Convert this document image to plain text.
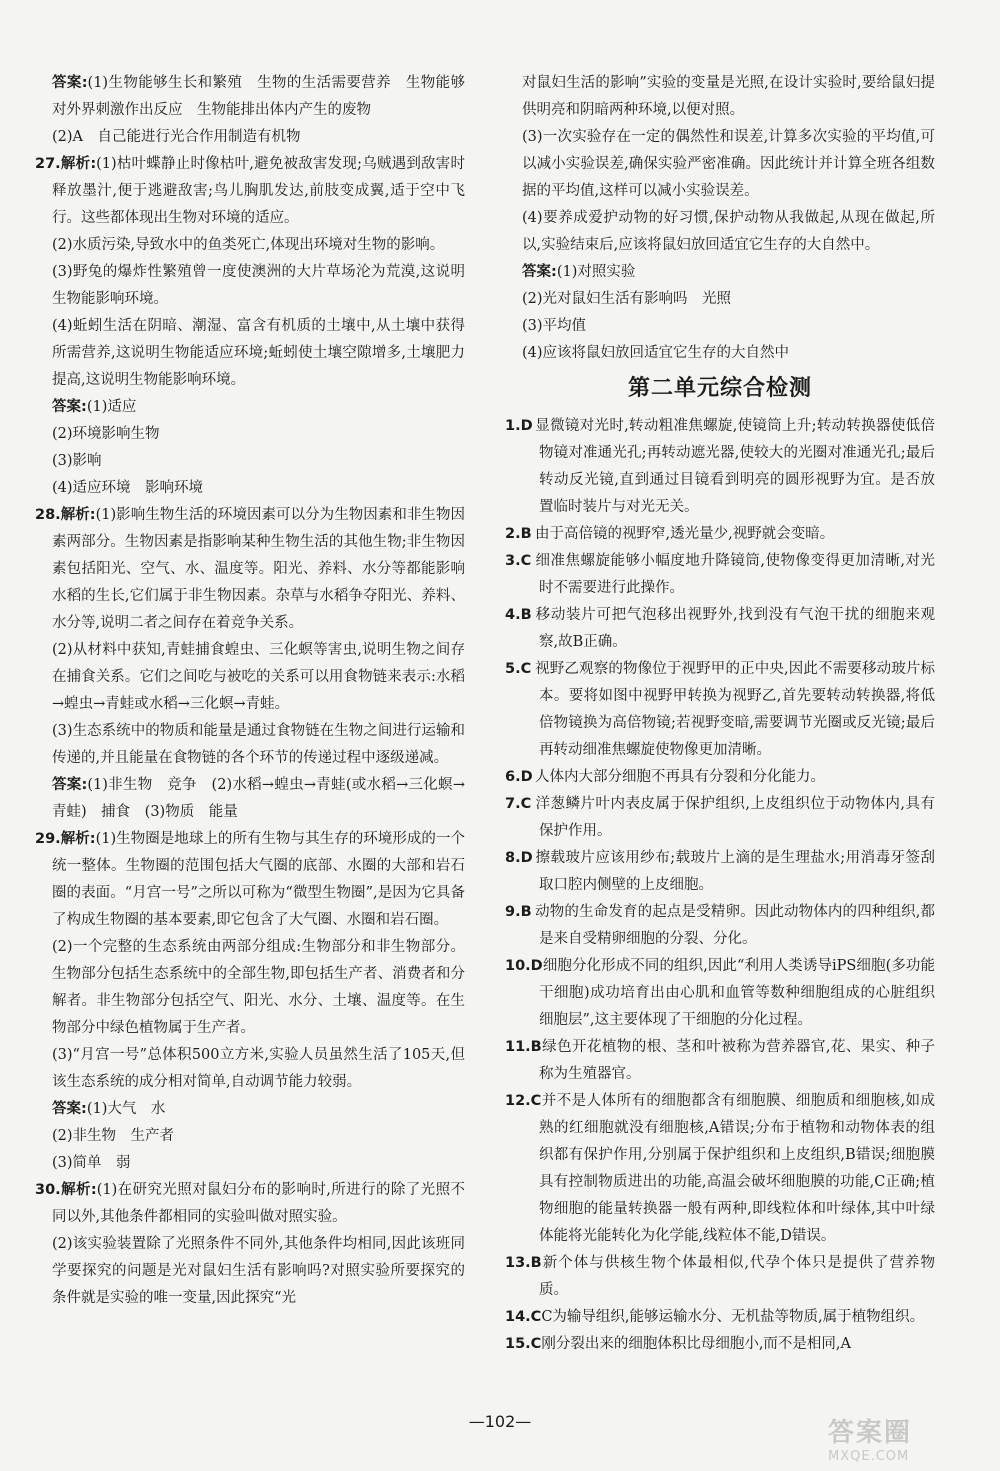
答案:(1)生物能够生长和繁殖　生物的生活需要营养　生物能够对外界刺激作出反应　生物能排出体内产生的废物

(2)A　自己能进行光合作用制造有机物

27.解析:(1)枯叶蝶静止时像枯叶,避免被敌害发现;乌贼遇到敌害时释放墨汁,便于逃避敌害;鸟儿胸肌发达,前肢变成翼,适于空中飞行。这些都体现出生物对环境的适应。

(2)水质污染,导致水中的鱼类死亡,体现出环境对生物的影响。

(3)野兔的爆炸性繁殖曾一度使澳洲的大片草场沦为荒漠,这说明生物能影响环境。

(4)蚯蚓生活在阴暗、潮湿、富含有机质的土壤中,从土壤中获得所需营养,这说明生物能适应环境;蚯蚓使土壤空隙增多,土壤肥力提高,这说明生物能影响环境。

答案:(1)适应

(2)环境影响生物

(3)影响

(4)适应环境　影响环境

28.解析:(1)影响生物生活的环境因素可以分为生物因素和非生物因素两部分。生物因素是指影响某种生物生活的其他生物;非生物因素包括阳光、空气、水、温度等。阳光、养料、水分等都能影响水稻的生长,它们属于非生物因素。杂草与水稻争夺阳光、养料、水分等,说明二者之间存在着竞争关系。

(2)从材料中获知,青蛙捕食蝗虫、三化螟等害虫,说明生物之间存在捕食关系。它们之间吃与被吃的关系可以用食物链来表示:水稻→蝗虫→青蛙或水稻→三化螟→青蛙。

(3)生态系统中的物质和能量是通过食物链在生物之间进行运输和传递的,并且能量在食物链的各个环节的传递过程中逐级递减。

答案:(1)非生物　竞争　(2)水稻→蝗虫→青蛙(或水稻→三化螟→青蛙)　捕食　(3)物质　能量

29.解析:(1)生物圈是地球上的所有生物与其生存的环境形成的一个统一整体。生物圈的范围包括大气圈的底部、水圈的大部和岩石圈的表面。“月宫一号”之所以可称为“微型生物圈”,是因为它具备了构成生物圈的基本要素,即它包含了大气圈、水圈和岩石圈。

(2)一个完整的生态系统由两部分组成:生物部分和非生物部分。生物部分包括生态系统中的全部生物,即包括生产者、消费者和分解者。非生物部分包括空气、阳光、水分、土壤、温度等。在生物部分中绿色植物属于生产者。

(3)“月宫一号”总体积500立方米,实验人员虽然生活了105天,但该生态系统的成分相对简单,自动调节能力较弱。

答案:(1)大气　水

(2)非生物　生产者

(3)简单　弱

30.解析:(1)在研究光照对鼠妇分布的影响时,所进行的除了光照不同以外,其他条件都相同的实验叫做对照实验。

(2)该实验装置除了光照条件不同外,其他条件均相同,因此该班同学要探究的问题是光对鼠妇生活有影响吗?对照实验所要探究的条件就是实验的唯一变量,因此探究“光

对鼠妇生活的影响”实验的变量是光照,在设计实验时,要给鼠妇提供明亮和阴暗两种环境,以便对照。

(3)一次实验存在一定的偶然性和误差,计算多次实验的平均值,可以减小实验误差,确保实验严密准确。因此统计并计算全班各组数据的平均值,这样可以减小实验误差。

(4)要养成爱护动物的好习惯,保护动物从我做起,从现在做起,所以,实验结束后,应该将鼠妇放回适宜它生存的大自然中。

答案:(1)对照实验

(2)光对鼠妇生活有影响吗　光照

(3)平均值

(4)应该将鼠妇放回适宜它生存的大自然中

第二单元综合检测

1.D 显微镜对光时,转动粗准焦螺旋,使镜筒上升;转动转换器使低倍物镜对准通光孔;再转动遮光器,使较大的光圈对准通光孔;最后转动反光镜,直到通过目镜看到明亮的圆形视野为宜。是否放置临时装片与对光无关。

2.B 由于高倍镜的视野窄,透光量少,视野就会变暗。

3.C 细准焦螺旋能够小幅度地升降镜筒,使物像变得更加清晰,对光时不需要进行此操作。

4.B 移动装片可把气泡移出视野外,找到没有气泡干扰的细胞来观察,故B正确。

5.C 视野乙观察的物像位于视野甲的正中央,因此不需要移动玻片标本。要将如图中视野甲转换为视野乙,首先要转动转换器,将低倍物镜换为高倍物镜;若视野变暗,需要调节光圈或反光镜;最后再转动细准焦螺旋使物像更加清晰。

6.D 人体内大部分细胞不再具有分裂和分化能力。

7.C 洋葱鳞片叶内表皮属于保护组织,上皮组织位于动物体内,具有保护作用。

8.D 擦载玻片应该用纱布;载玻片上滴的是生理盐水;用消毒牙签刮取口腔内侧壁的上皮细胞。

9.B 动物的生命发育的起点是受精卵。因此动物体内的四种组织,都是来自受精卵细胞的分裂、分化。

10.D细胞分化形成不同的组织,因此“利用人类诱导iPS细胞(多功能干细胞)成功培育出由心肌和血管等数种细胞组成的心脏组织细胞层”,这主要体现了干细胞的分化过程。

11.B绿色开花植物的根、茎和叶被称为营养器官,花、果实、种子称为生殖器官。

12.C并不是人体所有的细胞都含有细胞膜、细胞质和细胞核,如成熟的红细胞就没有细胞核,A错误;分布于植物和动物体表的组织都有保护作用,分别属于保护组织和上皮组织,B错误;细胞膜具有控制物质进出的功能,高温会破坏细胞膜的功能,C正确;植物细胞的能量转换器一般有两种,即线粒体和叶绿体,其中叶绿体能将光能转化为化学能,线粒体不能,D错误。

13.B新个体与供核生物个体最相似,代孕个体只是提供了营养物质。

14.CC为输导组织,能够运输水分、无机盐等物质,属于植物组织。

15.C刚分裂出来的细胞体积比母细胞小,而不是相同,A

—102—	答案圈
MXQE.COM
